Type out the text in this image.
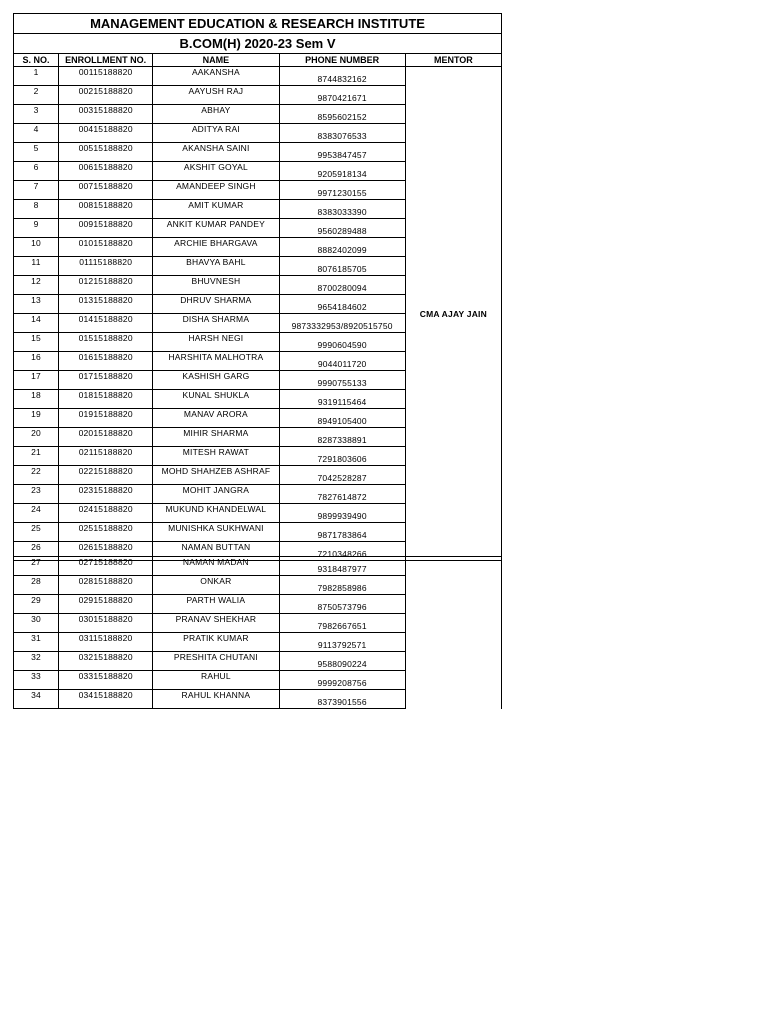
MANAGEMENT EDUCATION & RESEARCH INSTITUTE				
B.COM(H) 2020-23 Sem V				
S. NO.	ENROLLMENT NO.	NAME	PHONE NUMBER	MENTOR
1	00115188820	AAKANSHA	8744832162	CMA AJAY JAIN
2	00215188820	AAYUSH RAJ	9870421671	
3	00315188820	ABHAY	8595602152	
4	00415188820	ADITYA RAI	8383076533	
5	00515188820	AKANSHA SAINI	9953847457	
6	00615188820	AKSHIT GOYAL	9205918134	
7	00715188820	AMANDEEP SINGH	9971230155	
8	00815188820	AMIT KUMAR	8383033390	
9	00915188820	ANKIT KUMAR PANDEY	9560289488	
10	01015188820	ARCHIE BHARGAVA	8882402099	
11	01115188820	BHAVYA BAHL	8076185705	
12	01215188820	BHUVNESH	8700280094	
13	01315188820	DHRUV SHARMA	9654184602	
14	01415188820	DISHA SHARMA	9873332953/8920515750	
15	01515188820	HARSH NEGI	9990604590	
16	01615188820	HARSHITA MALHOTRA	9044011720	
17	01715188820	KASHISH GARG	9990755133	
18	01815188820	KUNAL SHUKLA	9319115464	
19	01915188820	MANAV ARORA	8949105400	
20	02015188820	MIHIR SHARMA	8287338891	
21	02115188820	MITESH RAWAT	7291803606	
22	02215188820	MOHD SHAHZEB ASHRAF	7042528287	
23	02315188820	MOHIT JANGRA	7827614872	
24	02415188820	MUKUND KHANDELWAL	9899939490	
25	02515188820	MUNISHKA SUKHWANI	9871783864	
26	02615188820	NAMAN BUTTAN	7210348266	
27	02715188820	NAMAN MADAN	9318487977	
28	02815188820	ONKAR	7982858986	
29	02915188820	PARTH WALIA	8750573796	
30	03015188820	PRANAV SHEKHAR	7982667651	
31	03115188820	PRATIK KUMAR	9113792571	
32	03215188820	PRESHITA CHUTANI	9588090224	
33	03315188820	RAHUL	9999208756	
34	03415188820	RAHUL KHANNA	8373901556	
